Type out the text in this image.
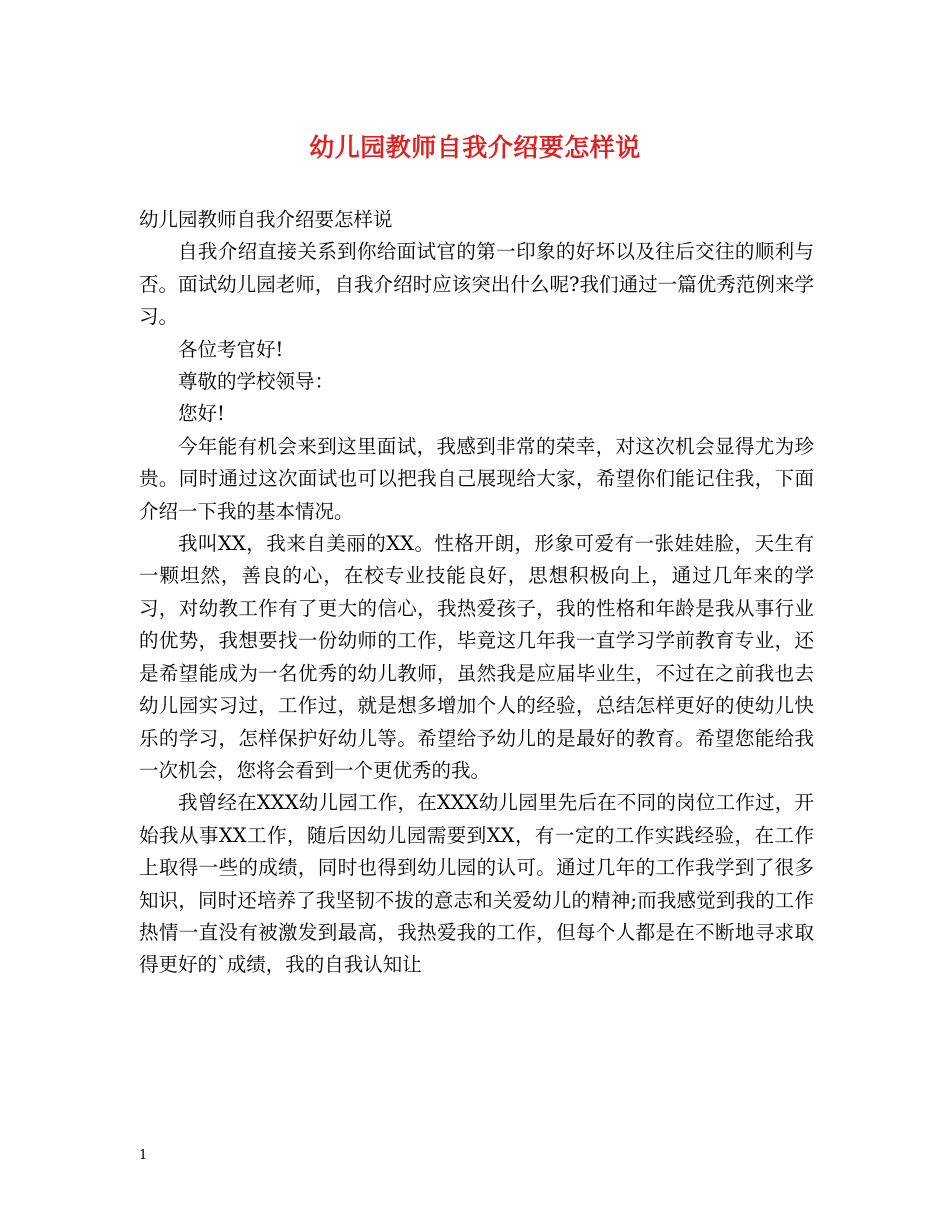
幼儿园教师自我介绍要怎样说

幼儿园教师自我介绍要怎样说

自我介绍直接关系到你给面试官的第一印象的好坏以及往后交往的顺利与否。面试幼儿园老师，自我介绍时应该突出什么呢?我们通过一篇优秀范例来学习。

各位考官好!

尊敬的学校领导：

您好!

今年能有机会来到这里面试，我感到非常的荣幸，对这次机会显得尤为珍贵。同时通过这次面试也可以把我自己展现给大家，希望你们能记住我，下面介绍一下我的基本情况。

我叫XX，我来自美丽的XX。性格开朗，形象可爱有一张娃娃脸，天生有一颗坦然，善良的心，在校专业技能良好，思想积极向上，通过几年来的学习，对幼教工作有了更大的信心，我热爱孩子，我的性格和年龄是我从事行业的优势，我想要找一份幼师的工作，毕竟这几年我一直学习学前教育专业，还是希望能成为一名优秀的幼儿教师，虽然我是应届毕业生，不过在之前我也去幼儿园实习过，工作过，就是想多增加个人的经验，总结怎样更好的使幼儿快乐的学习，怎样保护好幼儿等。希望给予幼儿的是最好的教育。希望您能给我一次机会，您将会看到一个更优秀的我。

我曾经在XXX幼儿园工作，在XXX幼儿园里先后在不同的岗位工作过，开始我从事XX工作，随后因幼儿园需要到XX，有一定的工作实践经验，在工作上取得一些的成绩，同时也得到幼儿园的认可。通过几年的工作我学到了很多知识，同时还培养了我坚韧不拔的意志和关爱幼儿的精神;而我感觉到我的工作热情一直没有被激发到最高，我热爱我的工作，但每个人都是在不断地寻求取得更好的`成绩，我的自我认知让

1
